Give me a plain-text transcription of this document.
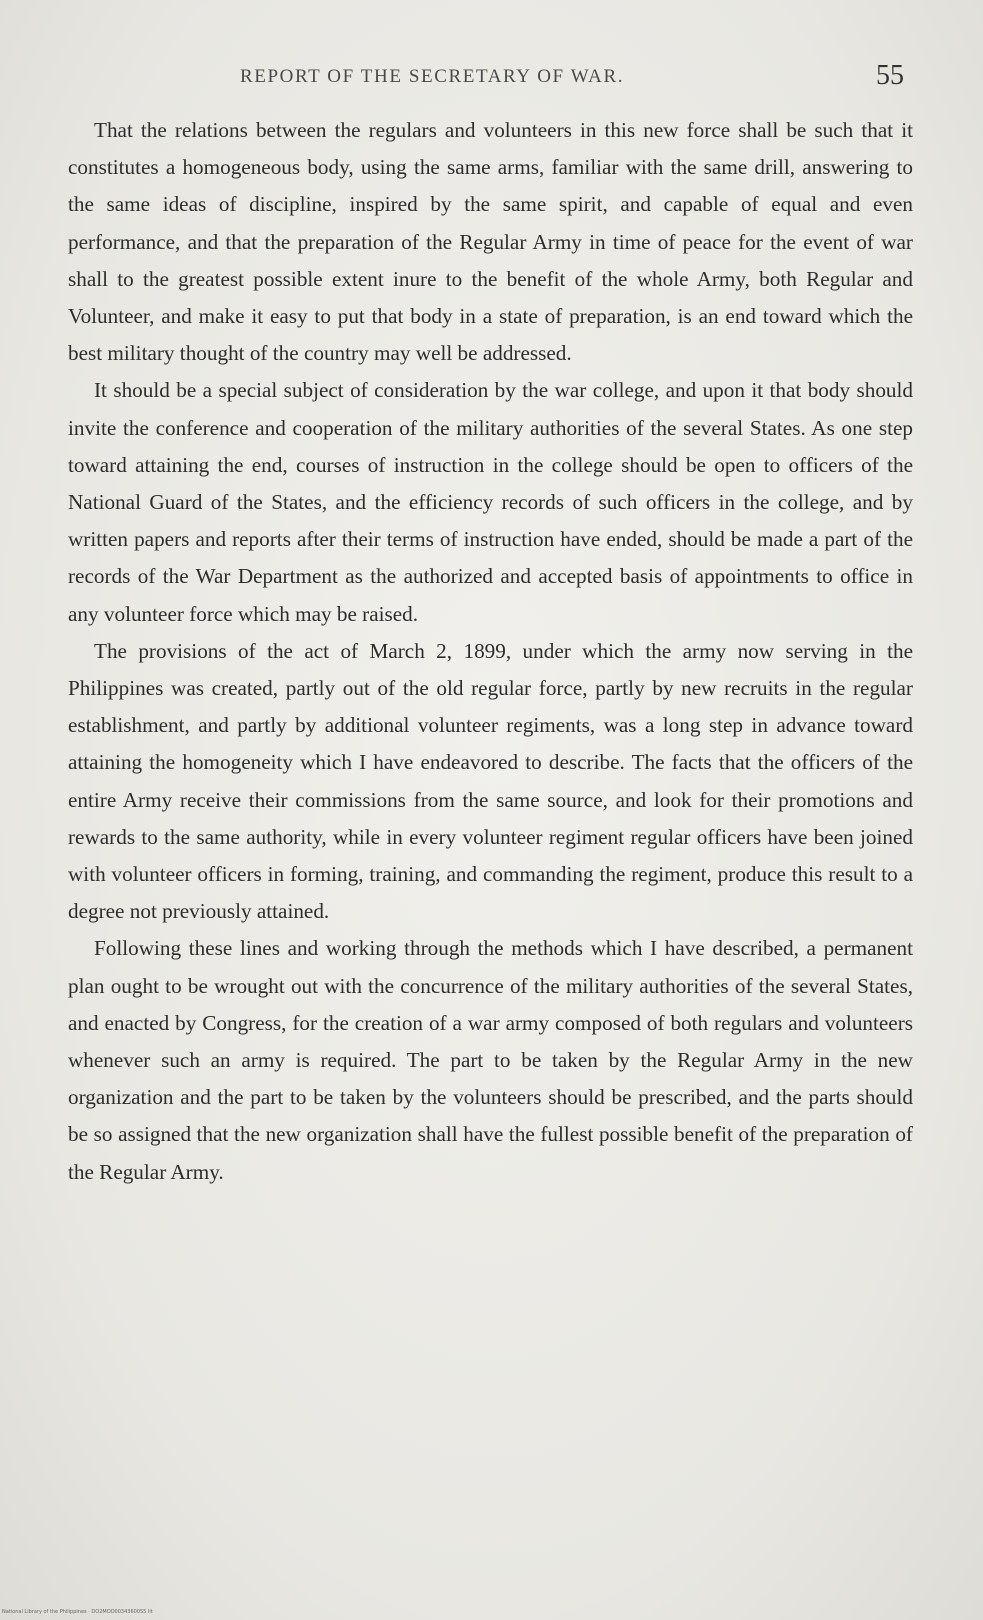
REPORT OF THE SECRETARY OF WAR.	55

That the relations between the regulars and volunteers in this new force shall be such that it constitutes a homogeneous body, using the same arms, familiar with the same drill, answering to the same ideas of discipline, inspired by the same spirit, and capable of equal and even performance, and that the preparation of the Regular Army in time of peace for the event of war shall to the greatest possible extent inure to the benefit of the whole Army, both Regular and Volunteer, and make it easy to put that body in a state of preparation, is an end toward which the best military thought of the country may well be addressed.

It should be a special subject of consideration by the war college, and upon it that body should invite the conference and cooperation of the military authorities of the several States. As one step toward attaining the end, courses of instruction in the college should be open to officers of the National Guard of the States, and the efficiency records of such officers in the college, and by written papers and reports after their terms of instruction have ended, should be made a part of the records of the War Department as the authorized and accepted basis of appointments to office in any volunteer force which may be raised.

The provisions of the act of March 2, 1899, under which the army now serving in the Philippines was created, partly out of the old regular force, partly by new recruits in the regular establishment, and partly by additional volunteer regiments, was a long step in advance toward attaining the homogeneity which I have endeavored to describe. The facts that the officers of the entire Army receive their commissions from the same source, and look for their promotions and rewards to the same authority, while in every volunteer regiment regular officers have been joined with volunteer officers in forming, training, and commanding the regiment, produce this result to a degree not previously attained.

Following these lines and working through the methods which I have described, a permanent plan ought to be wrought out with the concurrence of the military authorities of the several States, and enacted by Congress, for the creation of a war army composed of both regulars and volunteers whenever such an army is required. The part to be taken by the Regular Army in the new organization and the part to be taken by the volunteers should be prescribed, and the parts should be so assigned that the new organization shall have the fullest possible benefit of the preparation of the Regular Army.

National Library of the Philippines · DO2MOO00343600S5 lit
